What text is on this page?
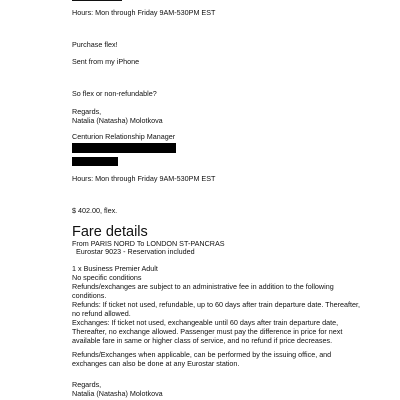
Hours: Mon through Friday 9AM-530PM EST
Purchase flex!
Sent from my iPhone
So flex or non-refundable?
Regards,
Natalia (Natasha) Molotkova
Centurion Relationship Manager
Hours: Mon through Friday 9AM-530PM EST
$ 402.00, flex.
Fare details
From PARIS NORD To LONDON ST-PANCRAS
Eurostar 9023 - Reservation included
1 x Business Premier Adult
No specific conditions
Refunds/exchanges are subject to an administrative fee in addition to the following
conditions.
Refunds: If ticket not used, refundable, up to 60 days after train departure date. Thereafter,
no refund allowed.
Exchanges: If ticket not used, exchangeable until 60 days after train departure date,
Thereafter, no exchange allowed. Passenger must pay the difference in price for next
available fare in same or higher class of service, and no refund if price decreases.
Refunds/Exchanges when applicable, can be performed by the issuing office, and
exchanges can also be done at any Eurostar station.
Regards,
Natalia (Natasha) Molotkova
